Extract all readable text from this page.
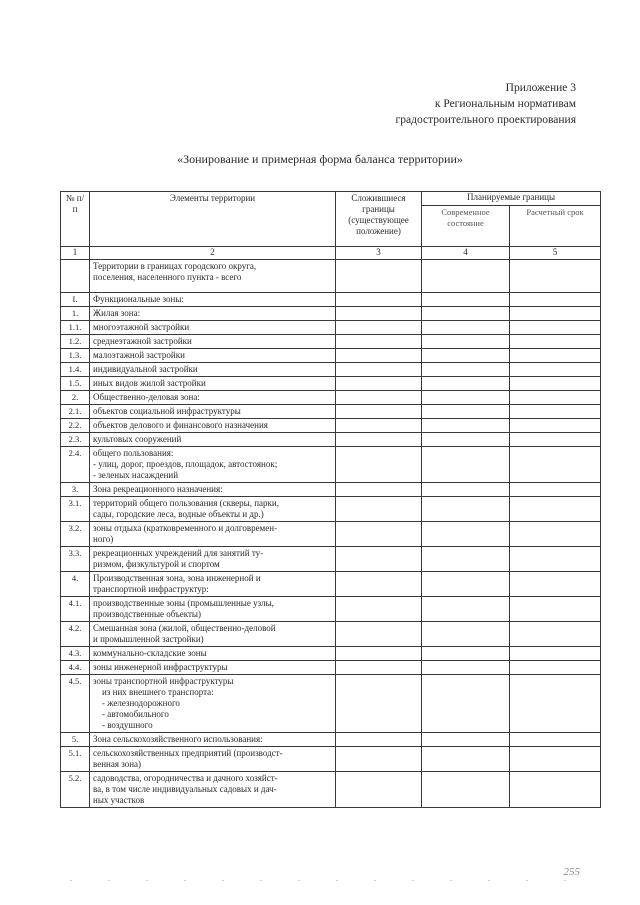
Приложение 3
к Региональным нормативам
градостроительного проектирования
«Зонирование и примерная форма баланса территории»
№ п/п	Элементы территории	Сложившиеся границы (существующее положение)	Планируемые границы	
			Современное состояние	Расчетный срок
1	2	3	4	5

	Территории в границах городского округа,
поселения, населенного пункта - всего			

I.	Функциональные зоны:			

1.	Жилая зона:			

1.1.	многоэтажной застройки			

1.2.	среднеэтажной застройки			

1.3.	малоэтажной застройки			

1.4.	индивидуальной застройки			

1.5.	иных видов жилой застройки			

2.	Общественно-деловая зона:			

2.1.	объектов социальной инфраструктуры			

2.2.	объектов делового и финансового назначения			

2.3.	культовых сооружений			

2.4.	общего пользования:
- улиц, дорог, проездов, площадок, автостоянок;
- зеленых насаждений			

3.	Зона рекреационного назначения:			

3.1.	территорий общего пользования (скверы, парки,
сады, городские леса, водные объекты и др.)			

3.2.	зоны отдыха (кратковременного и долговремен-
ного)			

3.3.	рекреационных учреждений для занятий ту-
ризмом, физкультурой и спортом			

4.	Производственная зона, зона инженерной и
транспортной инфраструктур:			

4.1.	производственные зоны (промышленные узлы,
производственные объекты)			

4.2.	Смешанная зона (жилой, общественно-деловой
и промышленной застройки)			

4.3.	коммунально-складские зоны			

4.4.	зоны инженерной инфраструктуры			

4.5.	зоны транспортной инфраструктуры
из них внешнего транспорта:
- железнодорожного
- автомобильного
- воздушного			

5.	Зона сельскохозяйственного использования:			

5.1.	сельскохозяйственных предприятий (производст-
венная зона)			

5.2.	садоводства, огородничества и дачного хозяйст-
ва, в том числе индивидуальных садовых и дач-
ных участков			

255
